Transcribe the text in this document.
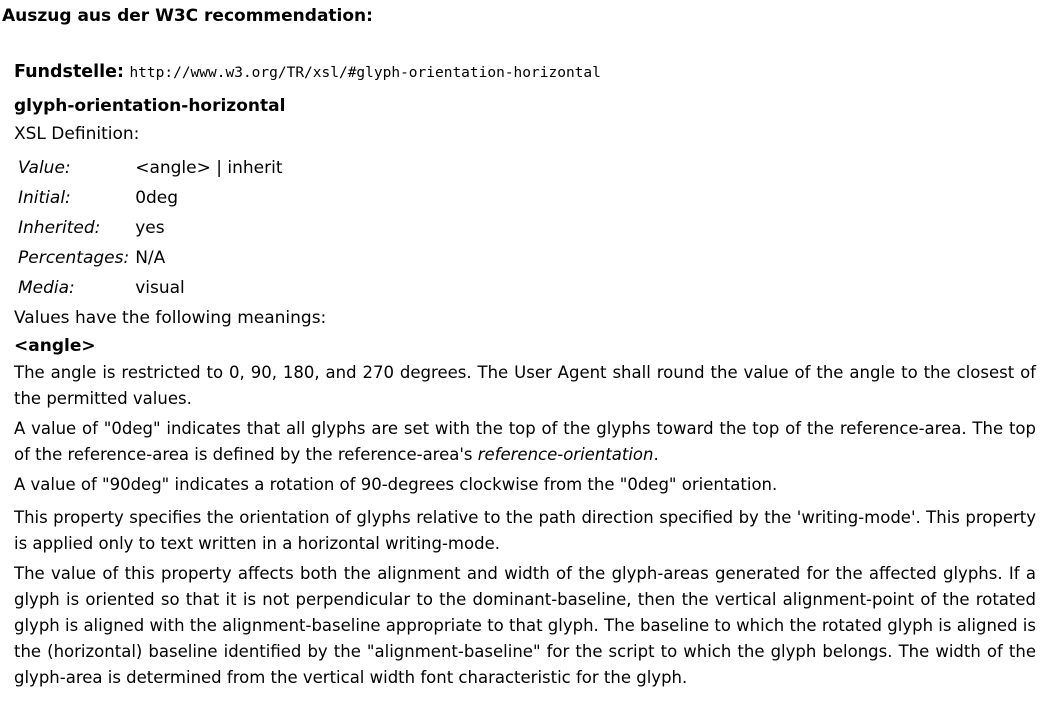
Auszug aus der W3C recommendation:
Fundstelle: http://www.w3.org/TR/xsl/#glyph-orientation-horizontal
glyph-orientation-horizontal
XSL Definition:
Value:	<angle> | inherit
Initial:	0deg
Inherited:	yes
Percentages:	N/A
Media:	visual
Values have the following meanings:
<angle>

The angle is restricted to 0, 90, 180, and 270 degrees. The User Agent shall round the value of the angle to the closest of the permitted values.

A value of "0deg" indicates that all glyphs are set with the top of the glyphs toward the top of the reference-area. The top of the reference-area is defined by the reference-area's reference-orientation.

A value of "90deg" indicates a rotation of 90-degrees clockwise from the "0deg" orientation.

This property specifies the orientation of glyphs relative to the path direction specified by the 'writing-mode'. This property is applied only to text written in a horizontal writing-mode.

The value of this property affects both the alignment and width of the glyph-areas generated for the affected glyphs. If a glyph is oriented so that it is not perpendicular to the dominant-baseline, then the vertical alignment-point of the rotated glyph is aligned with the alignment-baseline appropriate to that glyph. The baseline to which the rotated glyph is aligned is the (horizontal) baseline identified by the "alignment-baseline" for the script to which the glyph belongs. The width of the glyph-area is determined from the vertical width font characteristic for the glyph.
